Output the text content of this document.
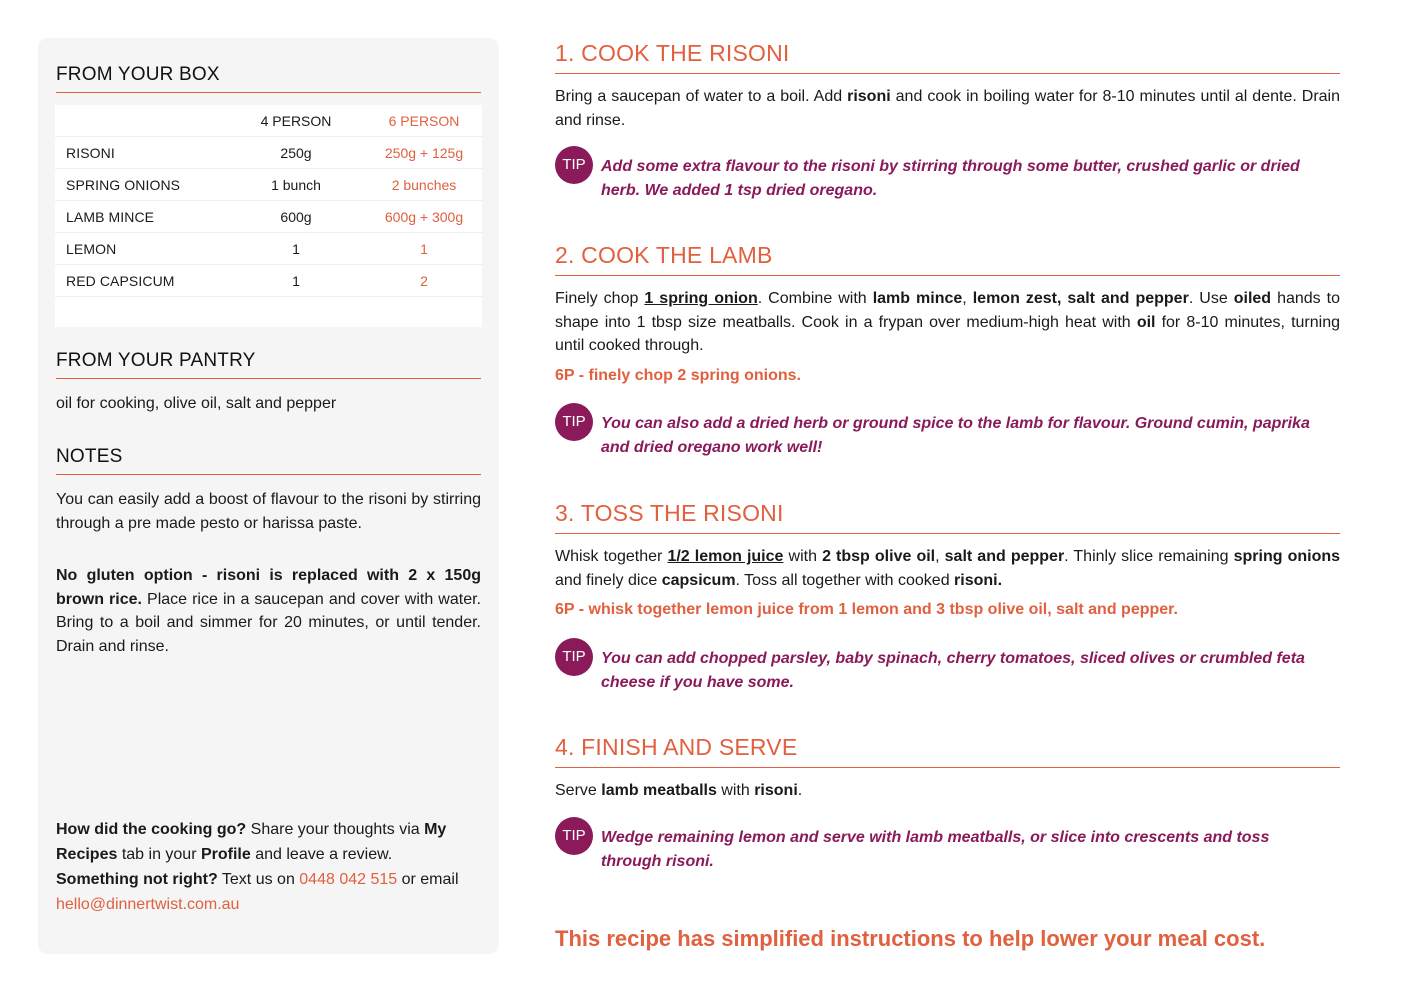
FROM YOUR BOX
	4 PERSON	6 PERSON
RISONI	250g	250g + 125g
SPRING ONIONS	1 bunch	2 bunches
LAMB MINCE	600g	600g + 300g
LEMON	1	1
RED CAPSICUM	1	2

FROM YOUR PANTRY
oil for cooking, olive oil, salt and pepper
NOTES
You can easily add a boost of flavour to the risoni by stirring through a pre made pesto or harissa paste.
No gluten option - risoni is replaced with 2 x 150g brown rice. Place rice in a saucepan and cover with water. Bring to a boil and simmer for 20 minutes, or until tender. Drain and rinse.
How did the cooking go? Share your thoughts via My Recipes tab in your Profile and leave a review.
Something not right? Text us on 0448 042 515 or email hello@dinnertwist.com.au
1. COOK THE RISONI
Bring a saucepan of water to a boil. Add risoni and cook in boiling water for 8-10 minutes until al dente. Drain and rinse.
TIP Add some extra flavour to the risoni by stirring through some butter, crushed garlic or dried herb. We added 1 tsp dried oregano.
2. COOK THE LAMB
Finely chop 1 spring onion. Combine with lamb mince, lemon zest, salt and pepper. Use oiled hands to shape into 1 tbsp size meatballs. Cook in a frypan over medium-high heat with oil for 8-10 minutes, turning until cooked through.
6P - finely chop 2 spring onions.
TIP You can also add a dried herb or ground spice to the lamb for flavour. Ground cumin, paprika and dried oregano work well!
3. TOSS THE RISONI
Whisk together 1/2 lemon juice with 2 tbsp olive oil, salt and pepper. Thinly slice remaining spring onions and finely dice capsicum. Toss all together with cooked risoni.
6P - whisk together lemon juice from 1 lemon and 3 tbsp olive oil, salt and pepper.
TIP You can add chopped parsley, baby spinach, cherry tomatoes, sliced olives or crumbled feta cheese if you have some.
4. FINISH AND SERVE
Serve lamb meatballs with risoni.
TIP Wedge remaining lemon and serve with lamb meatballs, or slice into crescents and toss through risoni.
This recipe has simplified instructions to help lower your meal cost.
